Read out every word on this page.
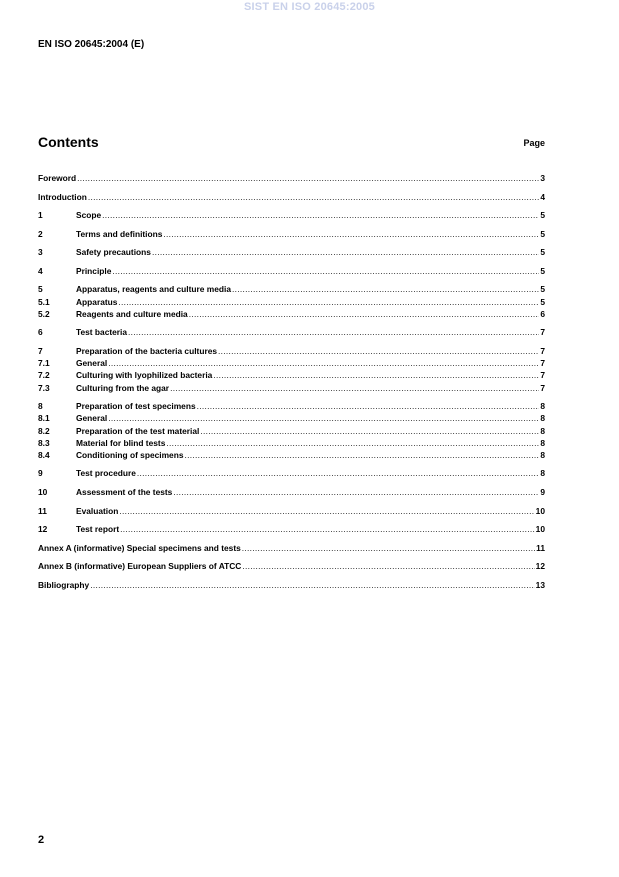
SIST EN ISO 20645:2005
EN ISO 20645:2004 (E)
Contents	Page
Foreword .....	3
Introduction .....	4
1	Scope .....	5
2	Terms and definitions .....	5
3	Safety precautions .....	5
4	Principle .....	5
5	Apparatus, reagents and culture media .....	5
5.1	Apparatus .....	5
5.2	Reagents and culture media .....	6
6	Test bacteria .....	7
7	Preparation of the bacteria cultures .....	7
7.1	General .....	7
7.2	Culturing with lyophilized bacteria .....	7
7.3	Culturing from the agar .....	7
8	Preparation of test specimens .....	8
8.1	General .....	8
8.2	Preparation of the test material .....	8
8.3	Material for blind tests .....	8
8.4	Conditioning of specimens .....	8
9	Test procedure .....	8
10	Assessment of the tests .....	9
11	Evaluation .....	10
12	Test report .....	10
Annex A (informative) Special specimens and tests .....	11
Annex B (informative) European Suppliers of ATCC .....	12
Bibliography .....	13
2
